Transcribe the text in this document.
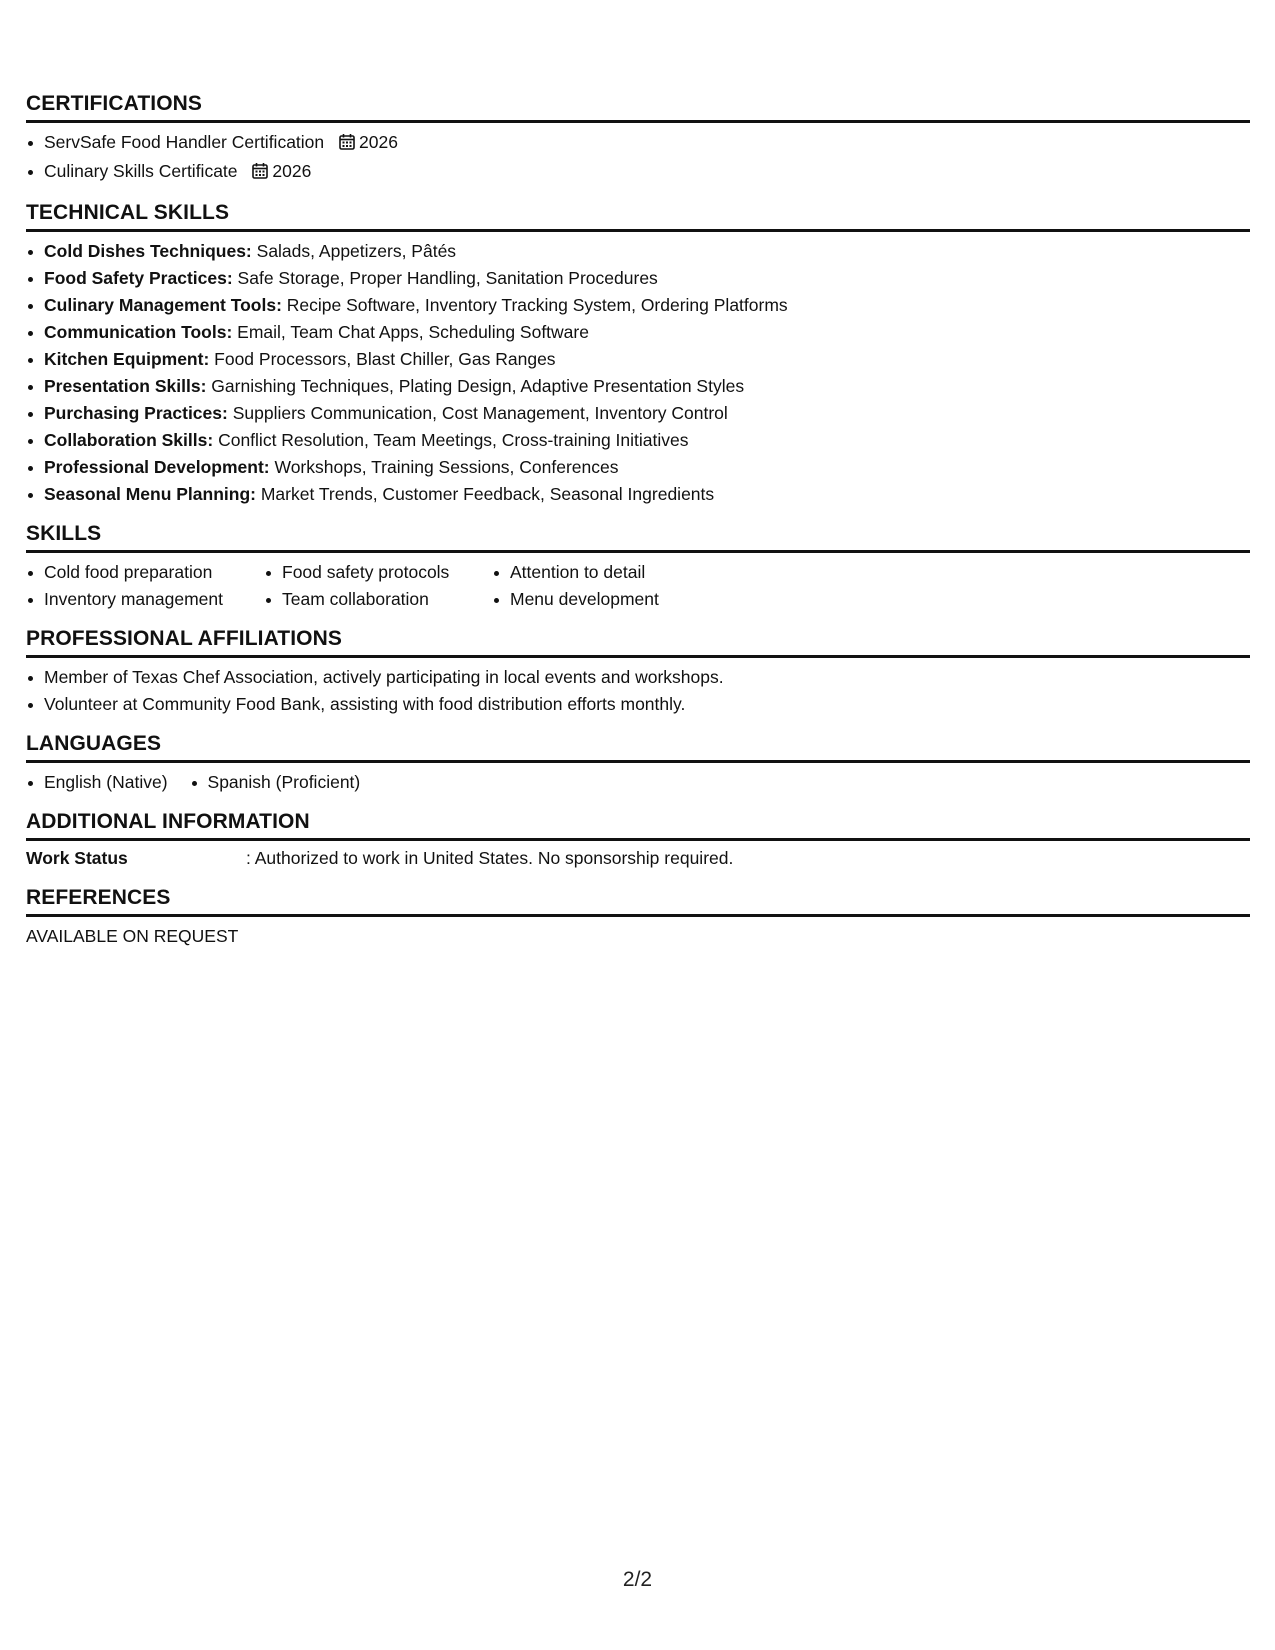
CERTIFICATIONS
ServSafe Food Handler Certification 2026
Culinary Skills Certificate 2026
TECHNICAL SKILLS
Cold Dishes Techniques: Salads, Appetizers, Pâtés
Food Safety Practices: Safe Storage, Proper Handling, Sanitation Procedures
Culinary Management Tools: Recipe Software, Inventory Tracking System, Ordering Platforms
Communication Tools: Email, Team Chat Apps, Scheduling Software
Kitchen Equipment: Food Processors, Blast Chiller, Gas Ranges
Presentation Skills: Garnishing Techniques, Plating Design, Adaptive Presentation Styles
Purchasing Practices: Suppliers Communication, Cost Management, Inventory Control
Collaboration Skills: Conflict Resolution, Team Meetings, Cross-training Initiatives
Professional Development: Workshops, Training Sessions, Conferences
Seasonal Menu Planning: Market Trends, Customer Feedback, Seasonal Ingredients
SKILLS
Cold food preparation
Inventory management
Food safety protocols
Team collaboration
Attention to detail
Menu development
PROFESSIONAL AFFILIATIONS
Member of Texas Chef Association, actively participating in local events and workshops.
Volunteer at Community Food Bank, assisting with food distribution efforts monthly.
LANGUAGES
English (Native)	Spanish (Proficient)
ADDITIONAL INFORMATION
Work Status	: Authorized to work in United States. No sponsorship required.
REFERENCES
AVAILABLE ON REQUEST
2/2
